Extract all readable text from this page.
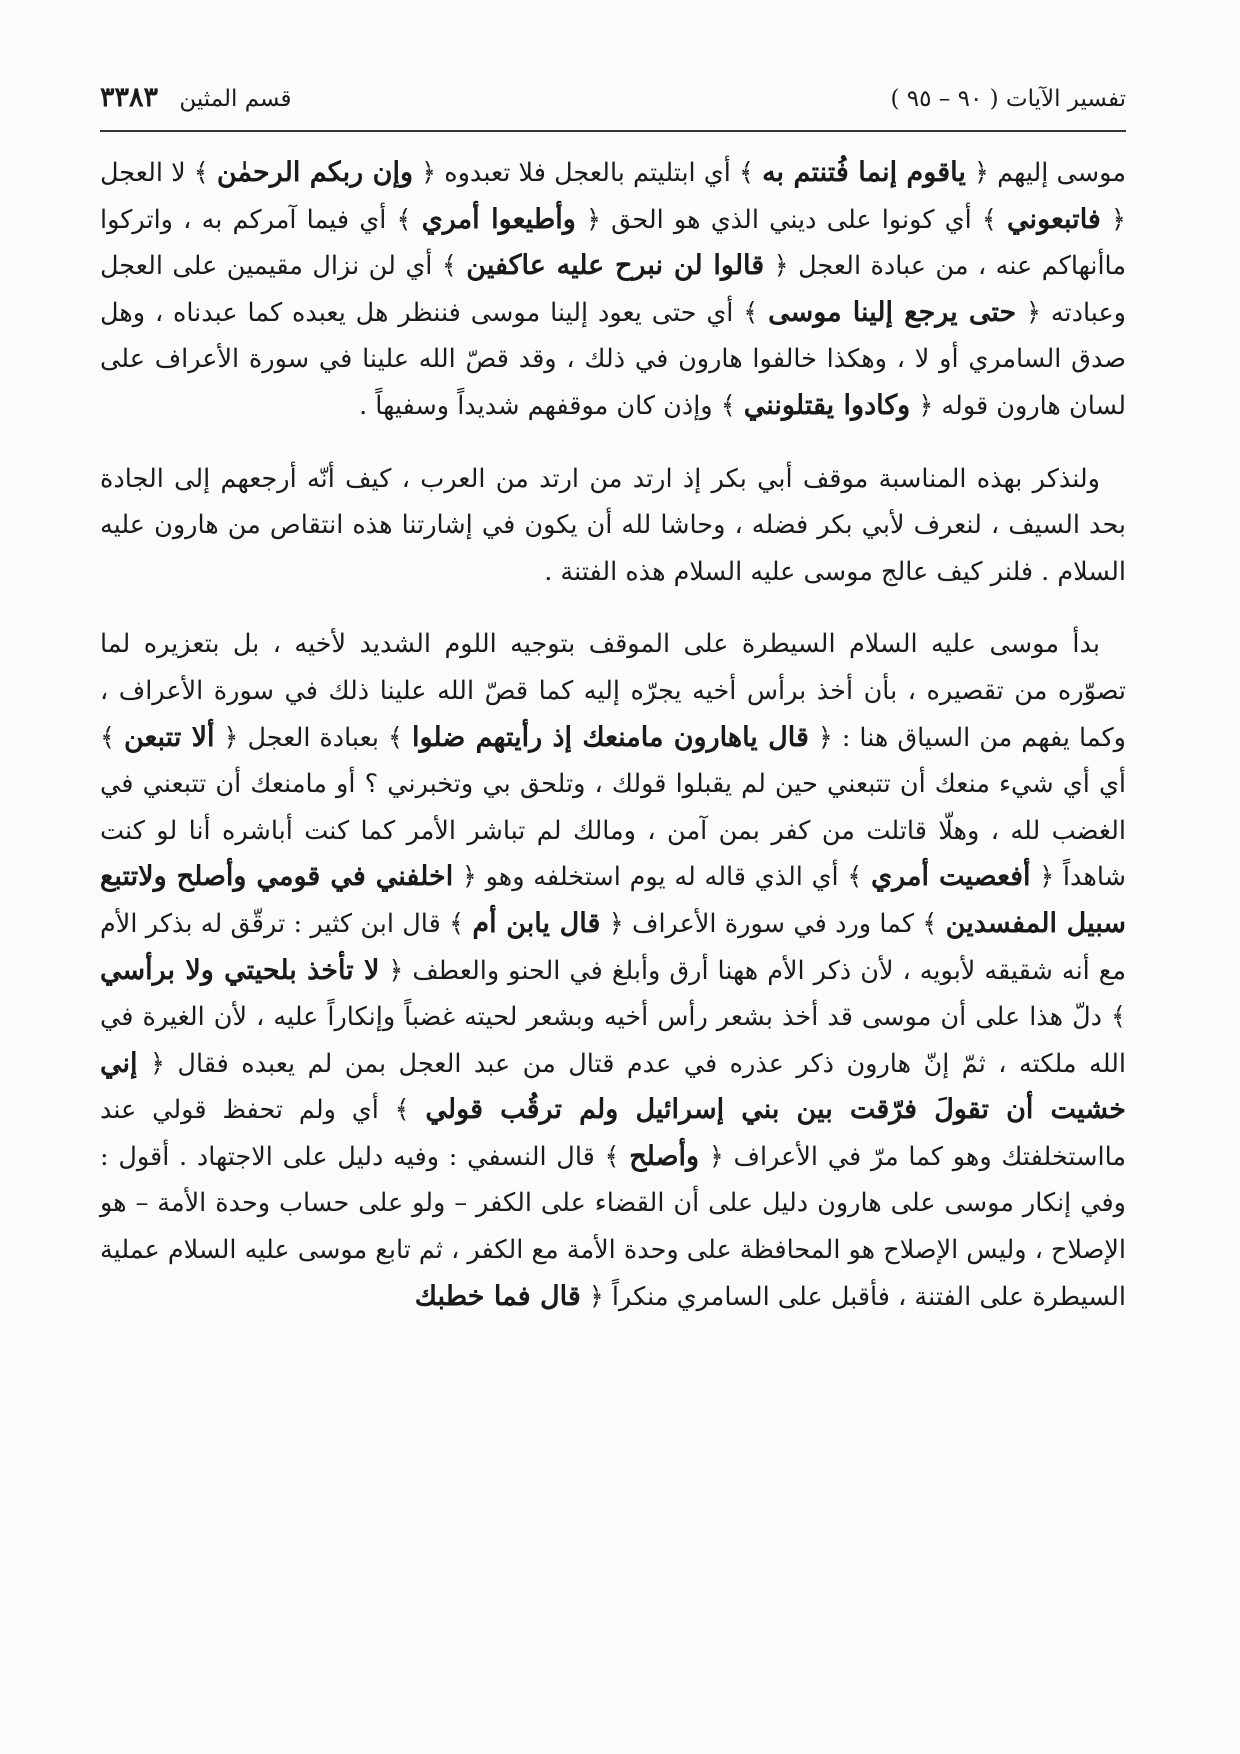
تفسير الآيات ( ٩٠ – ٩٥ )
قسم المثين ٣٣٨٣

موسى إليهم ﴿ ياقوم إنما فُتنتم به ﴾ أي ابتليتم بالعجل فلا تعبدوه ﴿ وإن ربكم الرحمٰن ﴾ لا العجل ﴿ فاتبعوني ﴾ أي كونوا على ديني الذي هو الحق ﴿ وأطيعوا أمري ﴾ أي فيما آمركم به ، واتركوا ماأنهاكم عنه ، من عبادة العجل ﴿ قالوا لن نبرح عليه عاكفين ﴾ أي لن نزال مقيمين على العجل وعبادته ﴿ حتى يرجع إلينا موسى ﴾ أي حتى يعود إلينا موسى فننظر هل يعبده كما عبدناه ، وهل صدق السامري أو لا ، وهكذا خالفوا هارون في ذلك ، وقد قصّ الله علينا في سورة الأعراف على لسان هارون قوله ﴿ وكادوا يقتلونني ﴾ وإذن كان موقفهم شديداً وسفيهاً .

ولنذكر بهذه المناسبة موقف أبي بكر إذ ارتد من ارتد من العرب ، كيف أنّه أرجعهم إلى الجادة بحد السيف ، لنعرف لأبي بكر فضله ، وحاشا لله أن يكون في إشارتنا هذه انتقاص من هارون عليه السلام . فلنر كيف عالج موسى عليه السلام هذه الفتنة .

بدأ موسى عليه السلام السيطرة على الموقف بتوجيه اللوم الشديد لأخيه ، بل بتعزيره لما تصوّره من تقصيره ، بأن أخذ برأس أخيه يجرّه إليه كما قصّ الله علينا ذلك في سورة الأعراف ، وكما يفهم من السياق هنا : ﴿ قال ياهارون مامنعك إذ رأيتهم ضلوا ﴾ بعبادة العجل ﴿ ألا تتبعن ﴾ أي أي شيء منعك أن تتبعني حين لم يقبلوا قولك ، وتلحق بي وتخبرني ؟ أو مامنعك أن تتبعني في الغضب لله ، وهلّا قاتلت من كفر بمن آمن ، ومالك لم تباشر الأمر كما كنت أباشره أنا لو كنت شاهداً ﴿ أفعصيت أمري ﴾ أي الذي قاله له يوم استخلفه وهو ﴿ اخلفني في قومي وأصلح ولاتتبع سبيل المفسدين ﴾ كما ورد في سورة الأعراف ﴿ قال يابن أم ﴾ قال ابن كثير : ترقّق له بذكر الأم مع أنه شقيقه لأبويه ، لأن ذكر الأم ههنا أرق وأبلغ في الحنو والعطف ﴿ لا تأخذ بلحيتي ولا برأسي ﴾ دلّ هذا على أن موسى قد أخذ بشعر رأس أخيه وبشعر لحيته غضباً وإنكاراً عليه ، لأن الغيرة في الله ملكته ، ثمّ إنّ هارون ذكر عذره في عدم قتال من عبد العجل بمن لم يعبده فقال ﴿ إني خشيت أن تقولَ فرّقت بين بني إسرائيل ولم ترقُب قولي ﴾ أي ولم تحفظ قولي عند مااستخلفتك وهو كما مرّ في الأعراف ﴿ وأصلح ﴾ قال النسفي : وفيه دليل على الاجتهاد . أقول : وفي إنكار موسى على هارون دليل على أن القضاء على الكفر – ولو على حساب وحدة الأمة – هو الإصلاح ، وليس الإصلاح هو المحافظة على وحدة الأمة مع الكفر ، ثم تابع موسى عليه السلام عملية السيطرة على الفتنة ، فأقبل على السامري منكراً ﴿ قال فما خطبك
